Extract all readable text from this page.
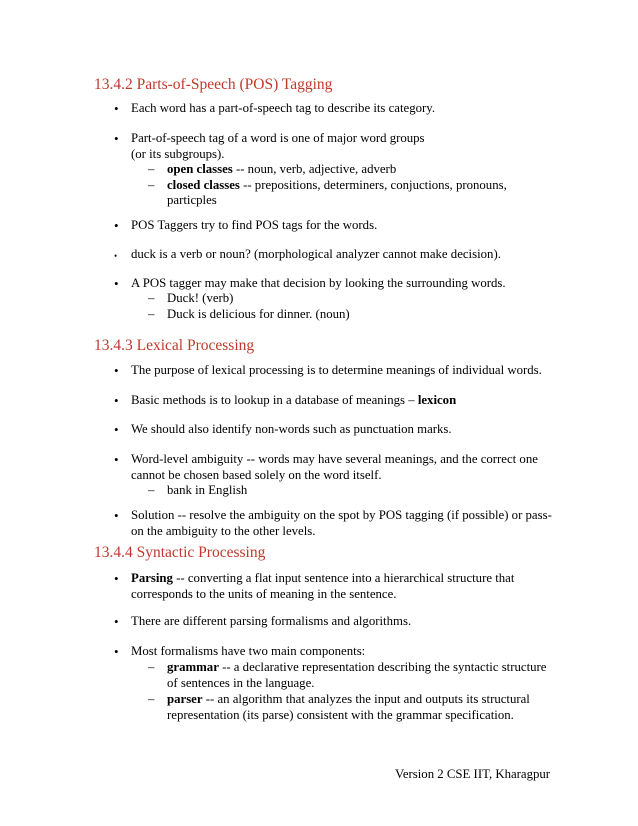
13.4.2 Parts-of-Speech (POS) Tagging
• Each word has a part-of-speech tag to describe its category.
• Part-of-speech tag of a word is one of major word groups
(or its subgroups).
– open classes -- noun, verb, adjective, adverb
– closed classes -- prepositions, determiners, conjuctions, pronouns,
particples
• POS Taggers try to find POS tags for the words.
• duck is a verb or noun? (morphological analyzer cannot make decision).
• A POS tagger may make that decision by looking the surrounding words.
– Duck! (verb)
– Duck is delicious for dinner. (noun)
13.4.3 Lexical Processing
• The purpose of lexical processing is to determine meanings of individual words.
• Basic methods is to lookup in a database of meanings – lexicon
• We should also identify non-words such as punctuation marks.
• Word-level ambiguity -- words may have several meanings, and the correct one
cannot be chosen based solely on the word itself.
– bank in English
• Solution -- resolve the ambiguity on the spot by POS tagging (if possible) or pass-
on the ambiguity to the other levels.
13.4.4 Syntactic Processing
• Parsing -- converting a flat input sentence into a hierarchical structure that
corresponds to the units of meaning in the sentence.
• There are different parsing formalisms and algorithms.
• Most formalisms have two main components:
– grammar -- a declarative representation describing the syntactic structure
of sentences in the language.
– parser -- an algorithm that analyzes the input and outputs its structural
representation (its parse) consistent with the grammar specification.
Version 2 CSE IIT, Kharagpur
